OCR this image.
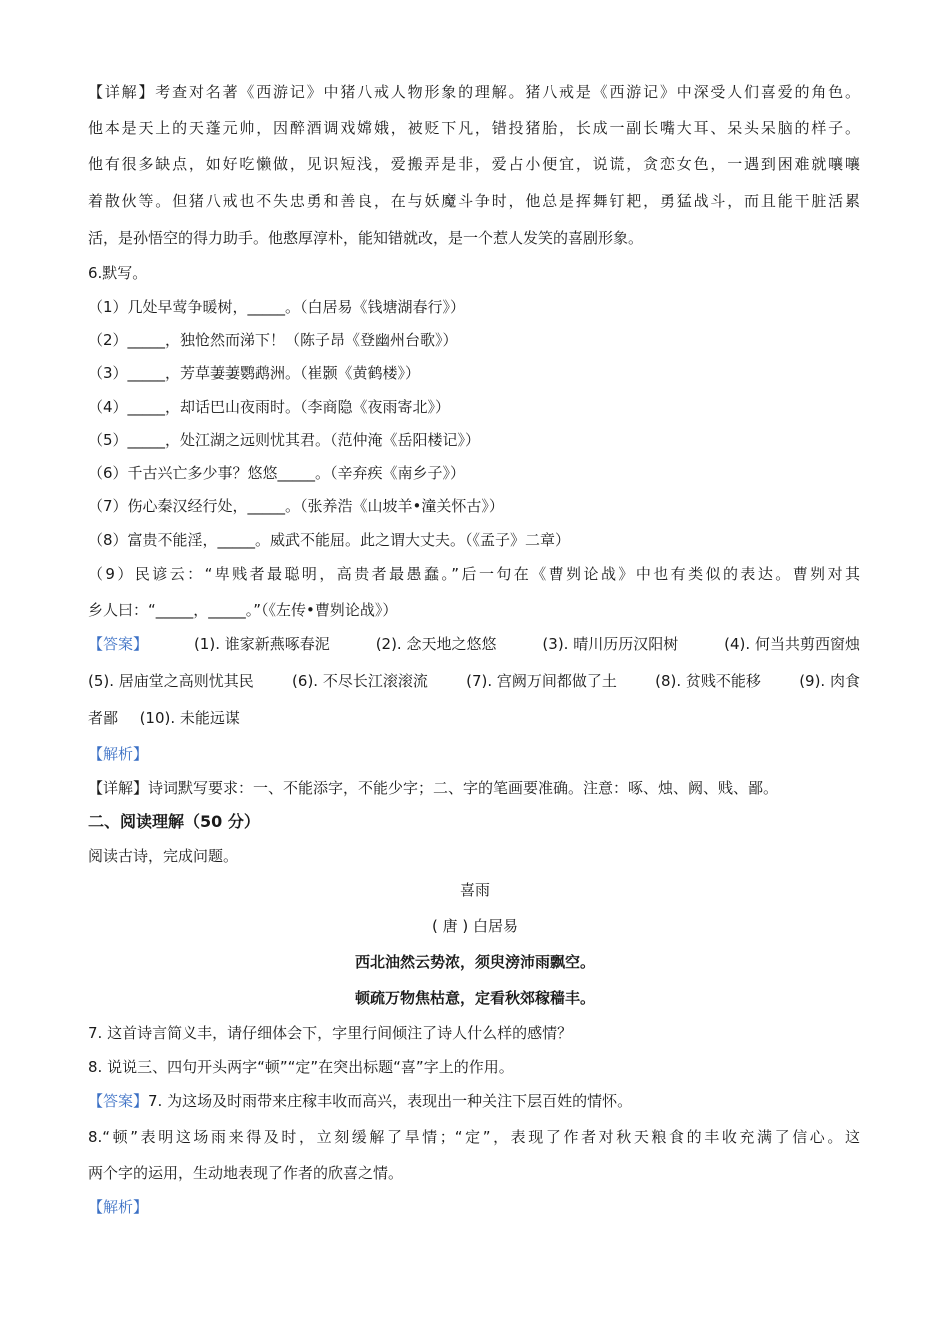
【详解】考查对名著《西游记》中猪八戒人物形象的理解。猪八戒是《西游记》中深受人们喜爱的角色。
他本是天上的天蓬元帅，因醉酒调戏嫦娥，被贬下凡，错投猪胎，长成一副长嘴大耳、呆头呆脑的样子。
他有很多缺点，如好吃懒做，见识短浅，爱搬弄是非，爱占小便宜，说谎，贪恋女色，一遇到困难就嚷嚷
着散伙等。但猪八戒也不失忠勇和善良，在与妖魔斗争时，他总是挥舞钉耙，勇猛战斗，而且能干脏活累
活，是孙悟空的得力助手。他憨厚淳朴，能知错就改，是一个惹人发笑的喜剧形象。
6.默写。
（1）几处早莺争暖树，_____。（白居易《钱塘湖春行》）
（2）_____，独怆然而涕下！（陈子昂《登幽州台歌》）
（3）_____，芳草萋萋鹦鹉洲。（崔颢《黄鹤楼》）
（4）_____，却话巴山夜雨时。（李商隐《夜雨寄北》）
（5）_____，处江湖之远则忧其君。（范仲淹《岳阳楼记》）
（6）千古兴亡多少事？悠悠_____。（辛弃疾《南乡子》）
（7）伤心秦汉经行处，_____。（张养浩《山坡羊•潼关怀古》）
（8）富贵不能淫，_____。威武不能屈。此之谓大丈夫。（《孟子》二章）
（9）民谚云：“卑贱者最聪明，高贵者最愚蠢。”后一句在《曹刿论战》中也有类似的表达。曹刿对其
乡人曰：“_____，_____。”（《左传•曹刿论战》）
【答案】	(1). 谁家新燕啄春泥	(2). 念天地之悠悠	(3). 晴川历历汉阳树	(4). 何当共剪西窗烛
(5). 居庙堂之高则忧其民	(6). 不尽长江滚滚流	(7). 宫阙万间都做了土	(8). 贫贱不能移	(9). 肉食
者鄙 (10). 未能远谋
【解析】
【详解】诗词默写要求：一、不能添字，不能少字；二、字的笔画要准确。注意：啄、烛、阙、贱、鄙。
二、阅读理解（50 分）
阅读古诗，完成问题。
喜雨
( 唐 ) 白居易
西北油然云势浓，须臾滂沛雨飘空。
顿疏万物焦枯意，定看秋郊稼穑丰。
7. 这首诗言简义丰，请仔细体会下，字里行间倾注了诗人什么样的感情？
8. 说说三、四句开头两字“顿”“定”在突出标题“喜”字上的作用。
【答案】7. 为这场及时雨带来庄稼丰收而高兴，表现出一种关注下层百姓的情怀。
8.“顿”表明这场雨来得及时，立刻缓解了旱情；“定”，表现了作者对秋天粮食的丰收充满了信心。这
两个字的运用，生动地表现了作者的欣喜之情。
【解析】
